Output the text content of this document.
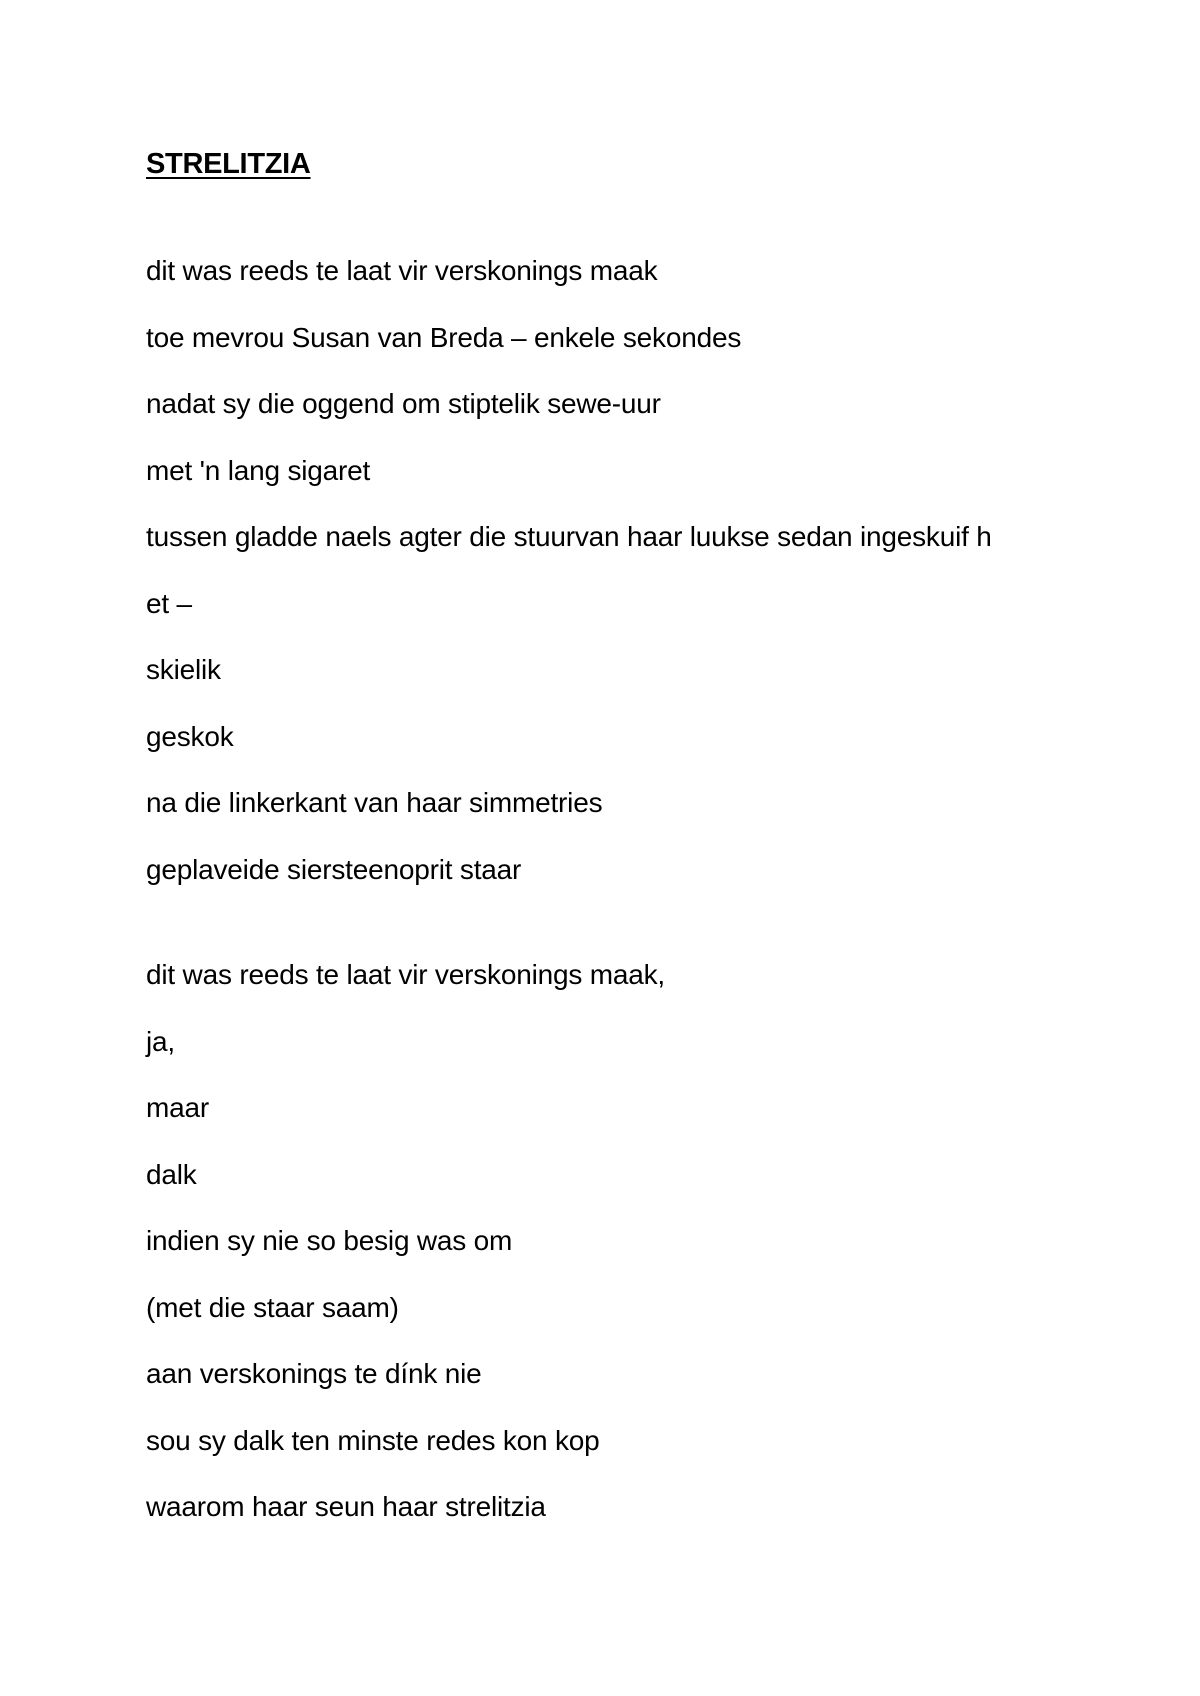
STRELITZIA
dit was reeds te laat vir verskonings maak
toe mevrou Susan van Breda – enkele sekondes
nadat sy die oggend om stiptelik sewe-uur
met 'n lang sigaret
tussen gladde naels agter die stuurvan haar luukse sedan ingeskuif h
et –
skielik
geskok
na die linkerkant van haar simmetries
geplaveide siersteenoprit staar
dit was reeds te laat vir verskonings maak,
ja,
maar
dalk
indien sy nie so besig was om
(met die staar saam)
aan verskonings te dínk nie
sou sy dalk ten minste redes kon kop
waarom haar seun haar strelitzia
